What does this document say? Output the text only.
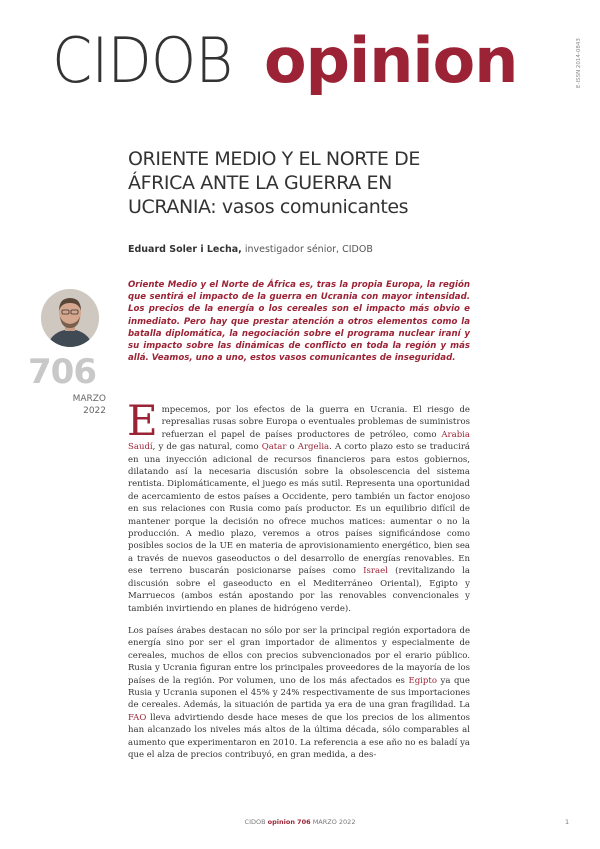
CIDOB opinion	E-ISSN 2014-0843
ORIENTE MEDIO Y EL NORTE DE ÁFRICA ANTE LA GUERRA EN UCRANIA: vasos comunicantes
Eduard Soler i Lecha, investigador sénior, CIDOB
706
MARZO
2022
Oriente Medio y el Norte de África es, tras la propia Europa, la región que sentirá el impacto de la guerra en Ucrania con mayor intensidad. Los precios de la energía o los cereales son el impacto más obvio e inmediato. Pero hay que prestar atención a otros elementos como la batalla diplomática, la negociación sobre el programa nuclear iraní y su impacto sobre las dinámicas de conflicto en toda la región y más allá. Veamos, uno a uno, estos vasos comunicantes de inseguridad.

Empecemos, por los efectos de la guerra en Ucrania. El riesgo de represalias rusas sobre Europa o eventuales problemas de suministros refuerzan el papel de países productores de petróleo, como Arabia Saudí, y de gas natural, como Qatar o Argelia. A corto plazo esto se traducirá en una inyección adicional de recursos financieros para estos gobiernos, dilatando así la necesaria discusión sobre la obsolescencia del sistema rentista. Diplomáticamente, el juego es más sutil. Representa una oportunidad de acercamiento de estos países a Occidente, pero también un factor enojoso en sus relaciones con Rusia como país productor. Es un equilibrio difícil de mantener porque la decisión no ofrece muchos matices: aumentar o no la producción. A medio plazo, veremos a otros países significándose como posibles socios de la UE en materia de aprovisionamiento energético, bien sea a través de nuevos gaseoductos o del desarrollo de energías renovables. En ese terreno buscarán posicionarse países como Israel (revitalizando la discusión sobre el gaseoducto en el Mediterráneo Oriental), Egipto y Marruecos (ambos están apostando por las renovables convencionales y también invirtiendo en planes de hidrógeno verde).

Los países árabes destacan no sólo por ser la principal región exportadora de energía sino por ser el gran importador de alimentos y especialmente de cereales, muchos de ellos con precios subvencionados por el erario público. Rusia y Ucrania figuran entre los principales proveedores de la mayoría de los países de la región. Por volumen, uno de los más afectados es Egipto ya que Rusia y Ucrania suponen el 45% y 24% respectivamente de sus importaciones de cereales. Además, la situación de partida ya era de una gran fragilidad. La FAO lleva advirtiendo desde hace meses de que los precios de los alimentos han alcanzado los niveles más altos de la última década, sólo comparables al aumento que experimentaron en 2010. La referencia a ese año no es baladí ya que el alza de precios contribuyó, en gran medida, a des-

CIDOB opinion 706 MARZO 2022	1
